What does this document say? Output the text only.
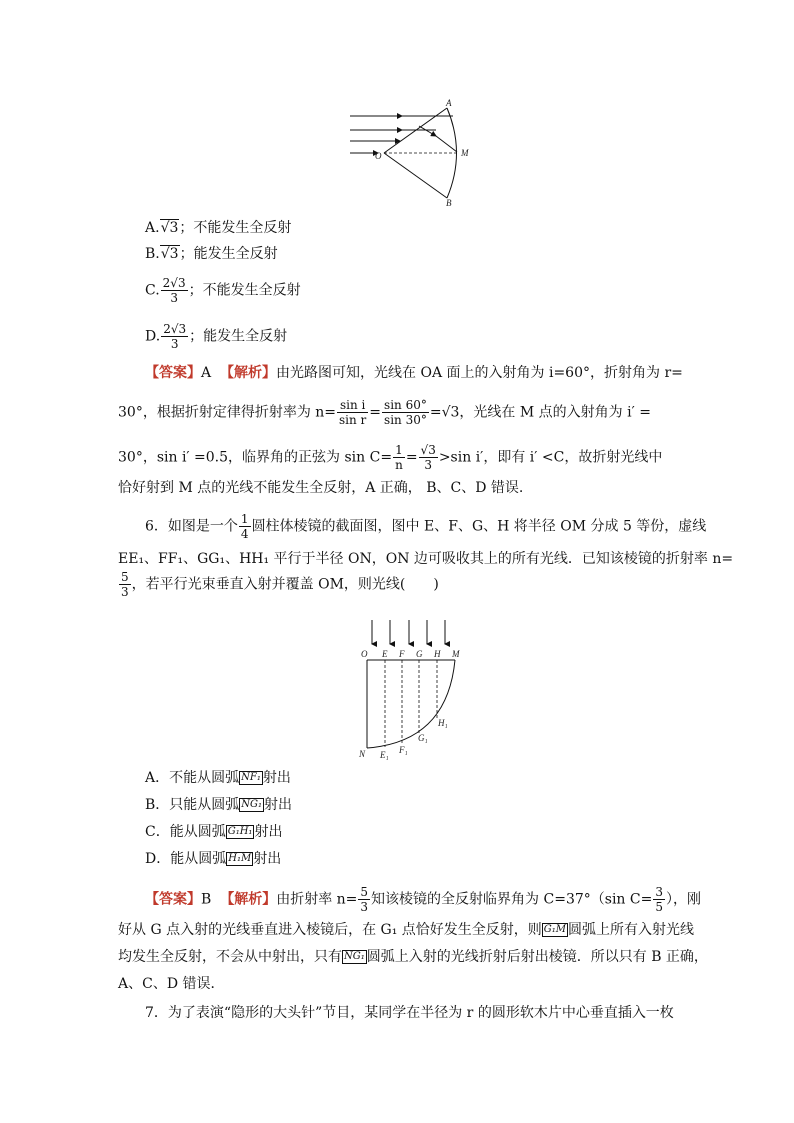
A
O	M
B
A.√3；不能发生全反射
B.√3；能发生全反射
C. $\frac{2√3}{3}$ ；不能发生全反射
D. $\frac{2√3}{3}$ ；能发生全反射
【答案】A 【解析】由光路图可知，光线在 OA 面上的入射角为 i=60°，折射角为 r=
30°，根据折射定律得折射率为 $n= \frac{\text{sin i}}{\text{sin r}} = \frac{\sin 60^\circ}{\sin 30^\circ} =√3$，光线在 M 点的入射角为 i′ =
30°，sin i′ =0.5，临界角的正弦为 $\sin C= \frac{1}{n} = \frac{√3}{3} >\sin$ i′，即有 i′ <C，故折射光线中
恰好射到 M 点的光线不能发生全反射，A 正确， B、C、D 错误.
6．如图是一个 $\frac{1}{4}$ 圆柱体棱镜的截面图，图中 E、F、G、H 将半径 OM 分成 5 等份，虚线
EE₁、FF₁、GG₁、HH₁ 平行于半径 ON，ON 边可吸收其上的所有光线．已知该棱镜的折射率 n=
$\frac{5}{3}$ ，若平行光束垂直入射并覆盖 OM，则光线(　　)
O E F G H M
N E₁ F₁
G₁
H₁
A．不能从圆弧 NF₁ 射出
B．只能从圆弧 NG₁ 射出
C．能从圆弧 G₁H₁ 射出
D．能从圆弧 H₁M 射出
【答案】B 【解析】由折射率 $n= \frac{5}{3}$ 知该棱镜的全反射临界角为 C=37°（sin $C= \frac{3}{5}$ ），刚
好从 G 点入射的光线垂直进入棱镜后，在 G₁ 点恰好发生全反射，则 G₁M 圆弧上所有入射光线
均发生全反射，不会从中射出，只有 NG₁ 圆弧上入射的光线折射后射出棱镜．所以只有 B 正确，
A、C、D 错误．
7．为了表演“隐形的大头针”节目，某同学在半径为 r 的圆形软木片中心垂直插入一枚
